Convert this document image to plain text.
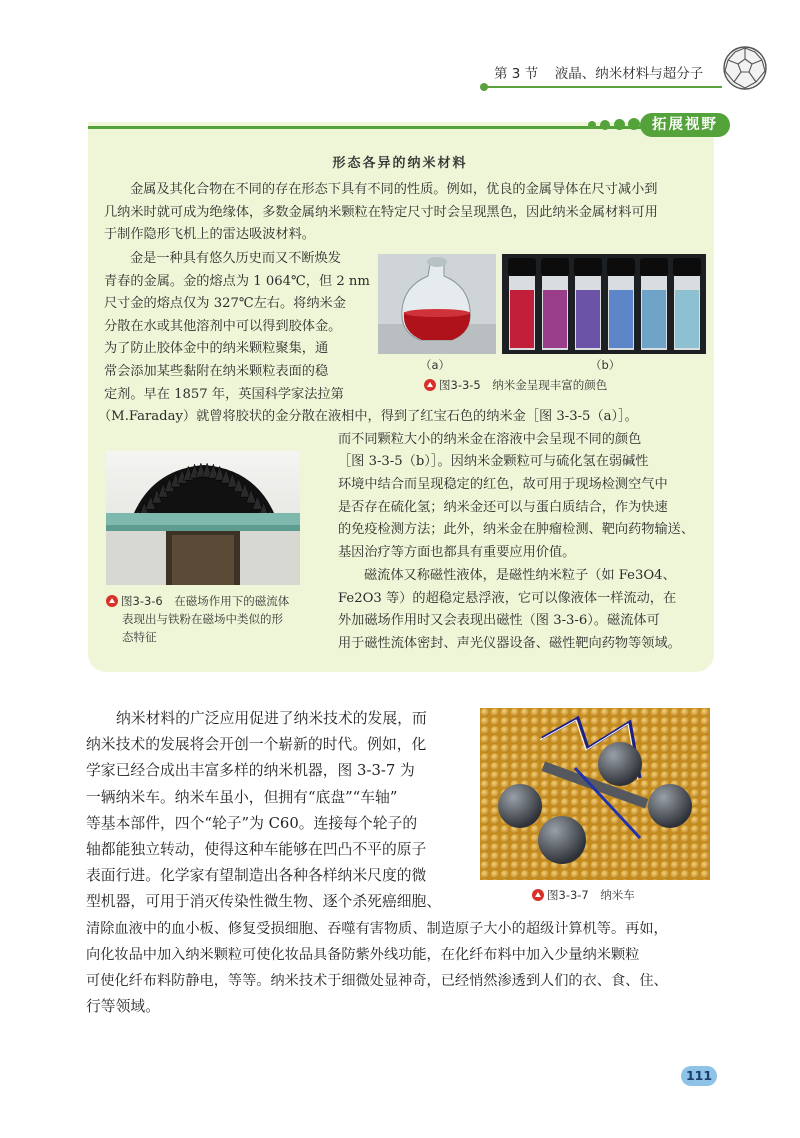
第 3 节 液晶、纳米材料与超分子
拓展视野
形态各异的纳米材料
金属及其化合物在不同的存在形态下具有不同的性质。例如，优良的金属导体在尺寸减小到
几纳米时就可成为绝缘体，多数金属纳米颗粒在特定尺寸时会呈现黑色，因此纳米金属材料可用
于制作隐形飞机上的雷达吸波材料。
金是一种具有悠久历史而又不断焕发
青春的金属。金的熔点为 1 064℃，但 2 nm
尺寸金的熔点仅为 327℃左右。将纳米金
分散在水或其他溶剂中可以得到胶体金。
为了防止胶体金中的纳米颗粒聚集，通
常会添加某些黏附在纳米颗粒表面的稳
定剂。早在 1857 年，英国科学家法拉第
（M.Faraday）就曾将胶状的金分散在液相中，得到了红宝石色的纳米金［图 3-3-5（a）］。
而不同颗粒大小的纳米金在溶液中会呈现不同的颜色
［图 3-3-5（b）］。因纳米金颗粒可与硫化氢在弱碱性
环境中结合而呈现稳定的红色，故可用于现场检测空气中
是否存在硫化氢；纳米金还可以与蛋白质结合，作为快速
的免疫检测方法；此外，纳米金在肿瘤检测、靶向药物输送、
基因治疗等方面也都具有重要应用价值。
磁流体又称磁性液体，是磁性纳米粒子（如 Fe3O4、
Fe2O3 等）的超稳定悬浮液，它可以像液体一样流动，在
外加磁场作用时又会表现出磁性（图 3-3-6）。磁流体可
用于磁性流体密封、声光仪器设备、磁性靶向药物等领域。
（a）	（b）
图3-3-5　纳米金呈现丰富的颜色
图3-3-6　在磁场作用下的磁流体
表现出与铁粉在磁场中类似的形
态特征
纳米材料的广泛应用促进了纳米技术的发展，而
纳米技术的发展将会开创一个崭新的时代。例如，化
学家已经合成出丰富多样的纳米机器，图 3-3-7 为
一辆纳米车。纳米车虽小，但拥有“底盘”“车轴”
等基本部件，四个“轮子”为 C60。连接每个轮子的
轴都能独立转动，使得这种车能够在凹凸不平的原子
表面行进。化学家有望制造出各种各样纳米尺度的微
型机器，可用于消灭传染性微生物、逐个杀死癌细胞、
清除血液中的血小板、修复受损细胞、吞噬有害物质、制造原子大小的超级计算机等。再如，
向化妆品中加入纳米颗粒可使化妆品具备防紫外线功能，在化纤布料中加入少量纳米颗粒
可使化纤布料防静电，等等。纳米技术于细微处显神奇，已经悄然渗透到人们的衣、食、住、
行等领域。
图3-3-7　纳米车
111
